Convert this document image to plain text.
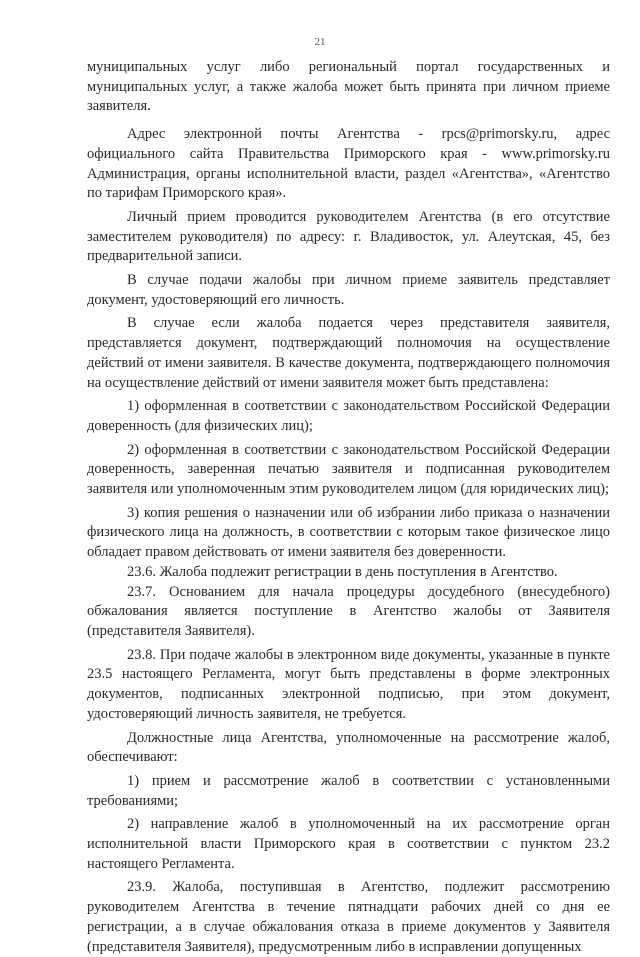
21

муниципальных услуг либо региональный портал государственных и муниципальных услуг, а также жалоба может быть принята при личном приеме заявителя.

Адрес электронной почты Агентства - rpcs@primorsky.ru, адрес официального сайта Правительства Приморского края - www.primorsky.ru Администрация, органы исполнительной власти, раздел «Агентства», «Агентство по тарифам Приморского края».

Личный прием проводится руководителем Агентства (в его отсутствие заместителем руководителя) по адресу: г. Владивосток, ул. Алеутская, 45, без предварительной записи.

В случае подачи жалобы при личном приеме заявитель представляет документ, удостоверяющий его личность.

В случае если жалоба подается через представителя заявителя, представляется документ, подтверждающий полномочия на осуществление действий от имени заявителя. В качестве документа, подтверждающего полномочия на осуществление действий от имени заявителя может быть представлена:

1) оформленная в соответствии с законодательством Российской Федерации доверенность (для физических лиц);

2) оформленная в соответствии с законодательством Российской Федерации доверенность, заверенная печатью заявителя и подписанная руководителем заявителя или уполномоченным этим руководителем лицом (для юридических лиц);

3) копия решения о назначении или об избрании либо приказа о назначении физического лица на должность, в соответствии с которым такое физическое лицо обладает правом действовать от имени заявителя без доверенности.

23.6. Жалоба подлежит регистрации в день поступления в Агентство.

23.7. Основанием для начала процедуры досудебного (внесудебного) обжалования является поступление в Агентство жалобы от Заявителя (представителя Заявителя).

23.8. При подаче жалобы в электронном виде документы, указанные в пункте 23.5 настоящего Регламента, могут быть представлены в форме электронных документов, подписанных электронной подписью, при этом документ, удостоверяющий личность заявителя, не требуется.

Должностные лица Агентства, уполномоченные на рассмотрение жалоб, обеспечивают:

1) прием и рассмотрение жалоб в соответствии с установленными требованиями;

2) направление жалоб в уполномоченный на их рассмотрение орган исполнительной власти Приморского края в соответствии с пунктом 23.2 настоящего Регламента.

23.9. Жалоба, поступившая в Агентство, подлежит рассмотрению руководителем Агентства в течение пятнадцати рабочих дней со дня ее регистрации, а в случае обжалования отказа в приеме документов у Заявителя (представителя Заявителя), предусмотренным либо в исправлении допущенных
